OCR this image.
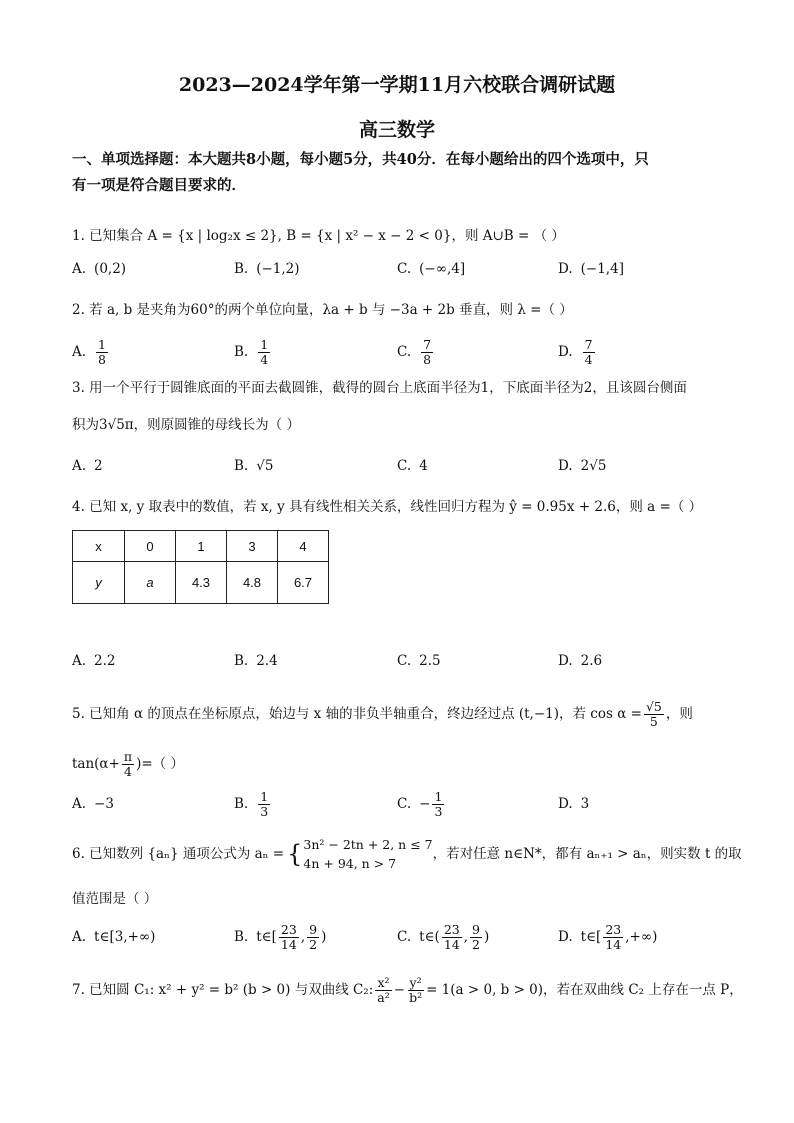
2023—2024学年第一学期11月六校联合调研试题
高三数学
一、单项选择题：本大题共8小题，每小题5分，共40分．在每小题给出的四个选项中，只
有一项是符合题目要求的．
1. 已知集合 A = {x | log₂x ≤ 2}, B = {x | x² − x − 2 < 0}，则 A∪B = （ ）
A. (0,2)	B. (−1,2)	C. (−∞,4]	D. (−1,4]
2. 若 a, b 是夹角为60°的两个单位向量，λa + b 与 −3a + 2b 垂直，则 λ =（ ）
A. $\frac{1}{8}$	B. $\frac{1}{4}$	C. $\frac{7}{8}$	D. $\frac{7}{4}$
3. 用一个平行于圆锥底面的平面去截圆锥，截得的圆台上底面半径为1，下底面半径为2，且该圆台侧面
积为3√5π，则原圆锥的母线长为（ ）
A. 2	B. √5	C. 4	D. 2√5
4. 已知 x, y 取表中的数值，若 x, y 具有线性相关关系，线性回归方程为 ŷ = 0.95x + 2.6，则 a =（ ）
x	0	1	3	4
y	a	4.3	4.8	6.7
A. 2.2	B. 2.4	C. 2.5	D. 2.6
5. 已知角 α 的顶点在坐标原点，始边与 x 轴的非负半轴重合，终边经过点 (t,−1)，若 $\cos \alpha = \frac{√5}{5}$ ，则
$\tan(\alpha+ \frac{\pi}{4}$ )=（ ）
A. −3	B. $\frac{1}{3}$	C. − $\frac{1}{3}$	D. 3
6. 已知数列 {aₙ} 通项公式为 aₙ = { 3n² − 2tn + 2, n ≤ 7
4n + 94, n > 7
，若对任意 n∈N*，都有 aₙ₊₁ > aₙ，则实数 t 的取
值范围是（ ）
A. t∈[3,+∞)	B. t∈[ $\frac{23}{14}$ , $\frac{9}{2}$ )	C. t∈( $\frac{23}{14}$ , $\frac{9}{2}$ )	D. t∈[ $\frac{23}{14}$ ,+∞)
7. 已知圆 C₁: x² + y² = b² (b > 0) 与双曲线 C₂: $\frac{\text{x²}}{\text{a²}} - \frac{\text{y²}}{\text{b²}} = 1(a > 0$, b > 0)，若在双曲线 C₂ 上存在一点 P，
